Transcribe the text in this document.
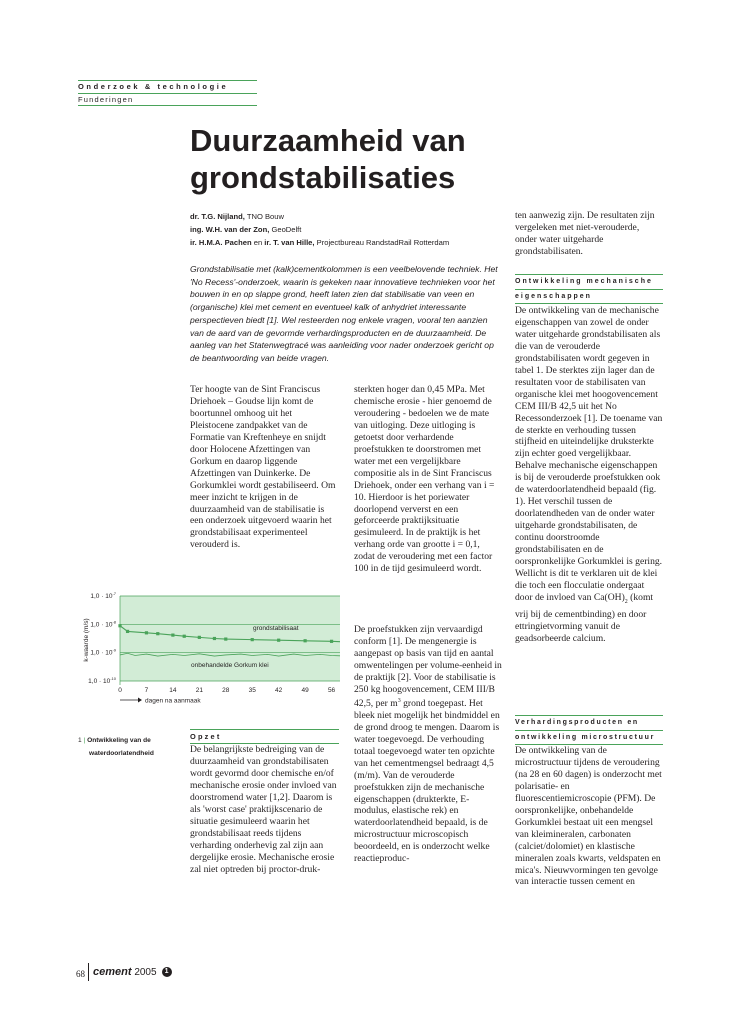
Onderzoek & technologie
Funderingen
Duurzaamheid van
grondstabilisaties
dr. T.G. Nijland, TNO Bouw
ing. W.H. van der Zon, GeoDelft
ir. H.M.A. Pachen en ir. T. van Hille, Projectbureau RandstadRail Rotterdam
Grondstabilisatie met (kalk)cementkolommen is een veelbelovende techniek. Het 'No Recess'-onderzoek, waarin is gekeken naar innovatieve technieken voor het bouwen in en op slappe grond, heeft laten zien dat stabilisatie van veen en (organische) klei met cement en eventueel kalk of anhydriet interessante perspectieven biedt [1]. Wel resteerden nog enkele vragen, vooral ten aanzien van de aard van de gevormde verhardingsproducten en de duurzaamheid. De aanleg van het Statenwegtracé was aanleiding voor nader onderzoek gericht op de beantwoording van beide vragen.
Ter hoogte van de Sint Franciscus Driehoek – Goudse lijn komt de boortunnel omhoog uit het Pleistocene zandpakket van de Formatie van Kreftenheye en snijdt door Holocene Afzettingen van Gorkum en daarop liggende Afzettingen van Duinkerke. De Gorkumklei wordt gestabiliseerd. Om meer inzicht te krijgen in de duurzaamheid van de stabilisatie is een onderzoek uitgevoerd waarin het grondstabilisaat experimenteel verouderd is.
$1,0 \cdot 10^{-7}$
$1,0 \cdot 10^{-8}$
$1,0 \cdot 10^{-9}$
$1,0 \cdot 10^{-10}$
0	7	14	21	28	35	42	49	56
k-waarde (m/s)
dagen na aanmaak
grondstabilisaat
onbehandelde Gorkum klei
1 | Ontwikkeling van de
waterdoorlatendheid
Opzet
De belangrijkste bedreiging van de duurzaamheid van grondstabilisaten wordt gevormd door chemische en/of mechanische erosie onder invloed van doorstromend water [1,2]. Daarom is als 'worst case' praktijkscenario de situatie gesimuleerd waarin het grondstabilisaat reeds tijdens verharding onderhevig zal zijn aan dergelijke erosie. Mechanische erosie zal niet optreden bij proctor-druk-
sterkten hoger dan 0,45 MPa. Met chemische erosie - hier genoemd de veroudering - bedoelen we de mate van uitloging. Deze uitloging is getoetst door verhardende proefstukken te doorstromen met water met een vergelijkbare compositie als in de Sint Franciscus Driehoek, onder een verhang van i = 10. Hierdoor is het poriewater doorlopend ververst en een geforceerde praktijksituatie gesimuleerd. In de praktijk is het verhang orde van grootte i = 0,1, zodat de veroudering met een factor 100 in de tijd gesimuleerd wordt.
De proefstukken zijn vervaardigd conform [1]. De mengenergie is aangepast op basis van tijd en aantal omwentelingen per volume-eenheid in de praktijk [2]. Voor de stabilisatie is 250 kg hoogovencement, CEM III/B 42,5, per $m^3$ grond toegepast. Het bleek niet mogelijk het bindmiddel en de grond droog te mengen. Daarom is water toegevoegd. De verhouding totaal toegevoegd water ten opzichte van het cementmengsel bedraagt 4,5 (m/m). Van de verouderde proefstukken zijn de mechanische eigenschappen (drukterkte, E-modulus, elastische rek) en waterdoorlatendheid bepaald, is de microstructuur microscopisch beoordeeld, en is onderzocht welke reactieproduc-
ten aanwezig zijn. De resultaten zijn vergeleken met niet-verouderde, onder water uitgeharde grondstabilisaten.
Ontwikkeling mechanische
eigenschappen
De ontwikkeling van de mechanische eigenschappen van zowel de onder water uitgeharde grondstabilisaten als die van de verouderde grondstabilisaten wordt gegeven in tabel 1. De sterktes zijn lager dan de resultaten voor de stabilisaten van organische klei met hoogovencement CEM III/B 42,5 uit het No Recessonderzoek [1]. De toename van de sterkte en verhouding tussen stijfheid en uiteindelijke druksterkte zijn echter goed vergelijkbaar. Behalve mechanische eigenschappen is bij de verouderde proefstukken ook de waterdoorlatendheid bepaald (fig. 1). Het verschil tussen de doorlatendheden van de onder water uitgeharde grondstabilisaten, de continu doorstroomde grondstabilisaten en de oorspronkelijke Gorkumklei is gering. Wellicht is dit te verklaren uit de klei die toch een flocculatie ondergaat door de invloed van $Ca(OH)_2$ (komt vrij bij de cementbinding) en door ettringietvorming vanuit de geadsorbeerde calcium.
Verhardingsproducten en
ontwikkeling microstructuur
De ontwikkeling van de microstructuur tijdens de veroudering (na 28 en 60 dagen) is onderzocht met polarisatie- en fluorescentiemicroscopie (PFM). De oorspronkelijke, onbehandelde Gorkumklei bestaat uit een mengsel van kleimineralen, carbonaten (calciet/dolomiet) en klastische mineralen zoals kwarts, veldspaten en mica's. Nieuwvormingen ten gevolge van interactie tussen cement en
68 cement 2005 1
